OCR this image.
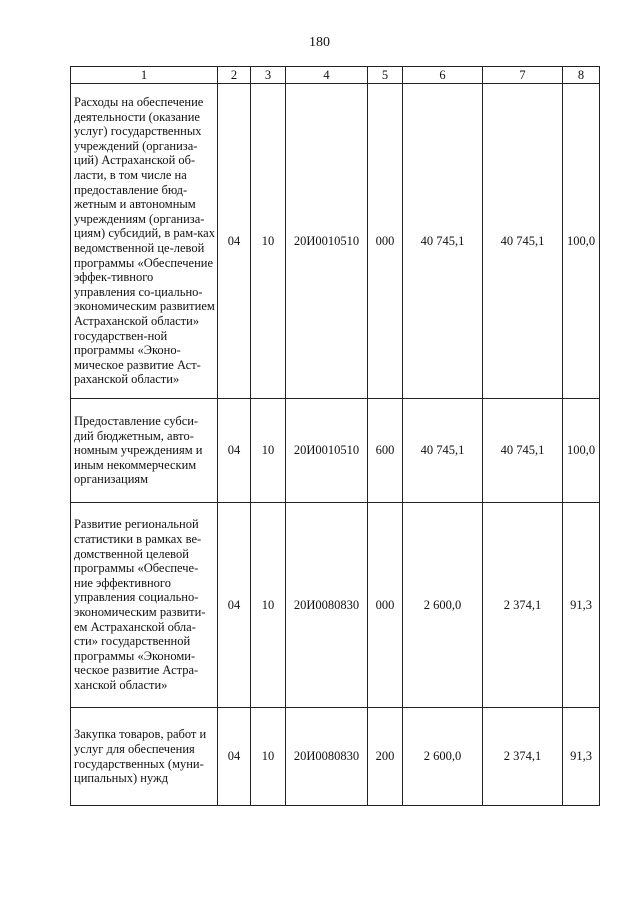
180
1	2	3	4	5	6	7	8

Расходы на обеспечение деятельности (оказание услуг) государственных учреждений (организа-ций) Астраханской об-ласти, в том числе на предоставление бюд-жетным и автономным учреждениям (организа-циям) субсидий, в рам-ках ведомственной це-левой программы «Обеспечение эффек-тивного управления со-циально-экономическим развитием Астраханской области» государствен-ной программы «Эконо-мическое развитие Аст-раханской области»	04	10	20И0010510	000	40 745,1	40 745,1	100,0

Предоставление субси-дий бюджетным, авто-номным учреждениям и иным некоммерческим организациям	04	10	20И0010510	600	40 745,1	40 745,1	100,0

Развитие региональной статистики в рамках ве-домственной целевой программы «Обеспече-ние эффективного управления социально-экономическим развити-ем Астраханской обла-сти» государственной программы «Экономи-ческое развитие Астра-ханской области»	04	10	20И0080830	000	2 600,0	2 374,1	91,3

Закупка товаров, работ и услуг для обеспечения государственных (муни-ципальных) нужд	04	10	20И0080830	200	2 600,0	2 374,1	91,3
